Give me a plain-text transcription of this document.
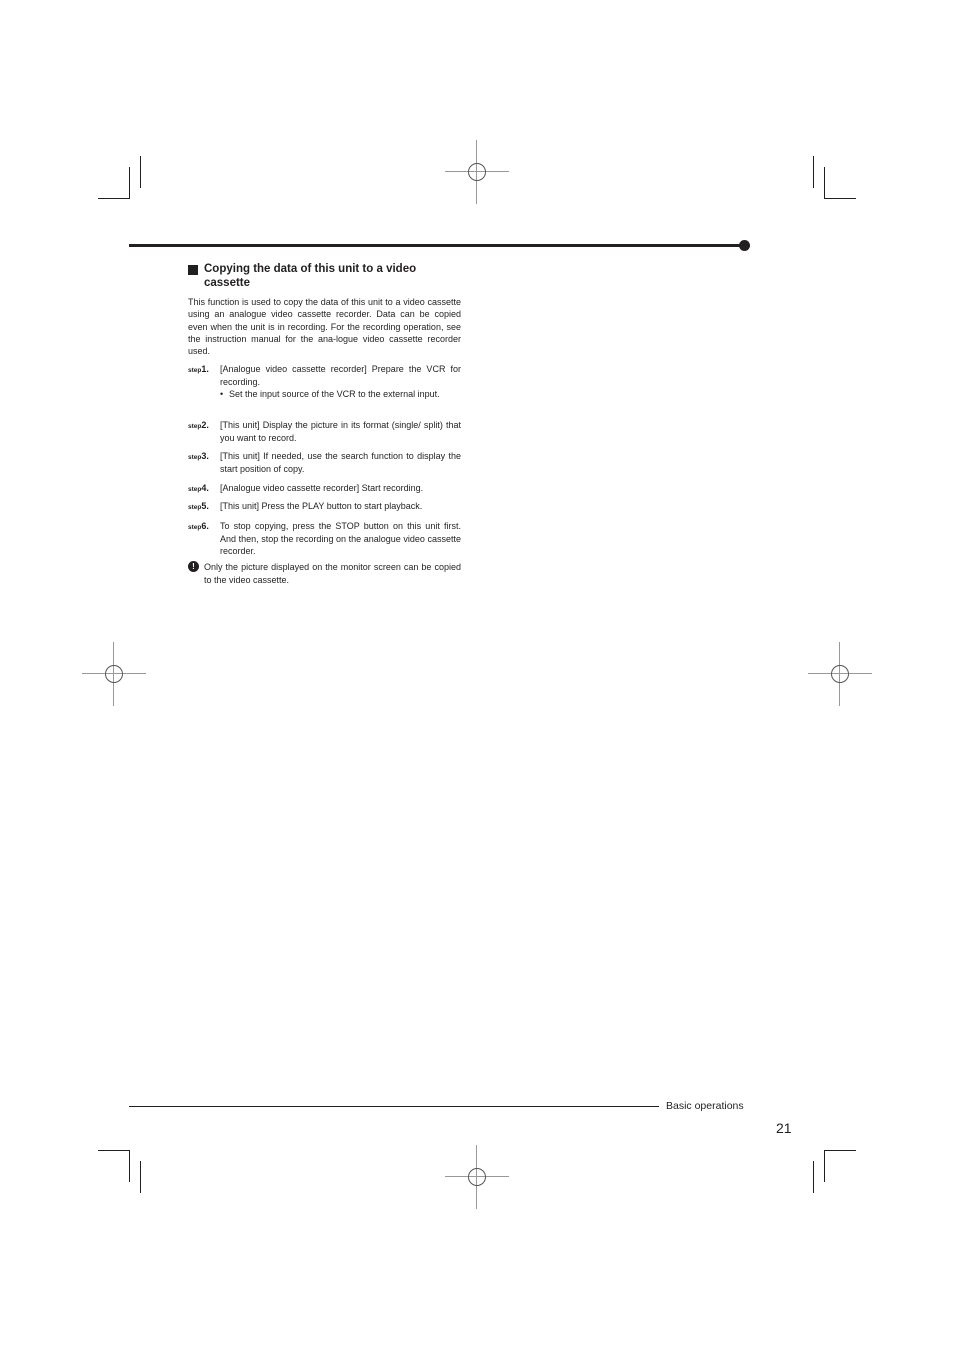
Copying the data of this unit to a video cassette
This function is used to copy the data of this unit to a video cassette using an analogue video cassette recorder. Data can be copied even when the unit is in recording. For the recording operation, see the instruction manual for the ana-logue video cassette recorder used.
step1. [Analogue video cassette recorder] Prepare the VCR for recording.
• Set the input source of the VCR to the external input.
step2. [This unit] Display the picture in its format (single/ split) that you want to record.
step3. [This unit] If needed, use the search function to display the start position of copy.
step4. [Analogue video cassette recorder] Start recording.
step5. [This unit] Press the PLAY button to start playback.
step6. To stop copying, press the STOP button on this unit first. And then, stop the recording on the analogue video cassette recorder.
!	Only the picture displayed on the monitor screen can be copied to the video cassette.
Basic operations
21
